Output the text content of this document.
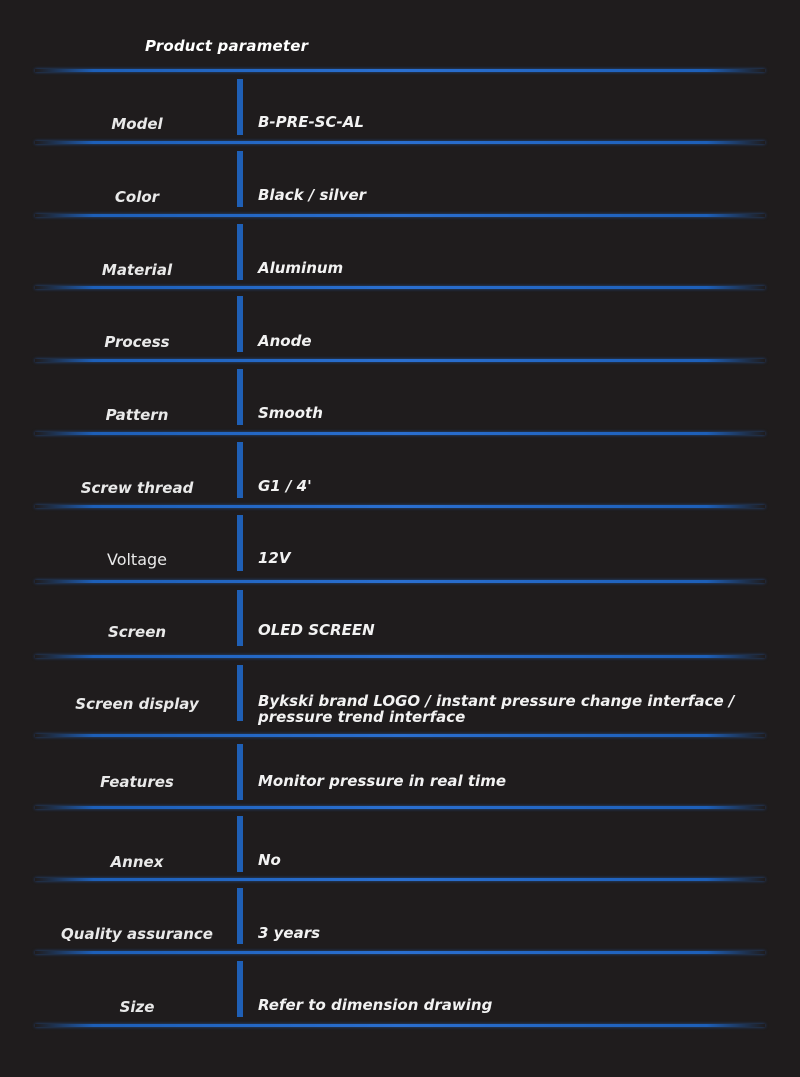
Product parameter
Model	B-PRE-SC-AL
Color	Black / silver
Material	Aluminum
Process	Anode
Pattern	Smooth
Screw thread	G1 / 4'
Voltage	12V
Screen	OLED SCREEN
Screen display	Bykski brand LOGO / instant pressure change interface / pressure trend interface
Features	Monitor pressure in real time
Annex	No
Quality assurance	3 years
Size	Refer to dimension drawing
